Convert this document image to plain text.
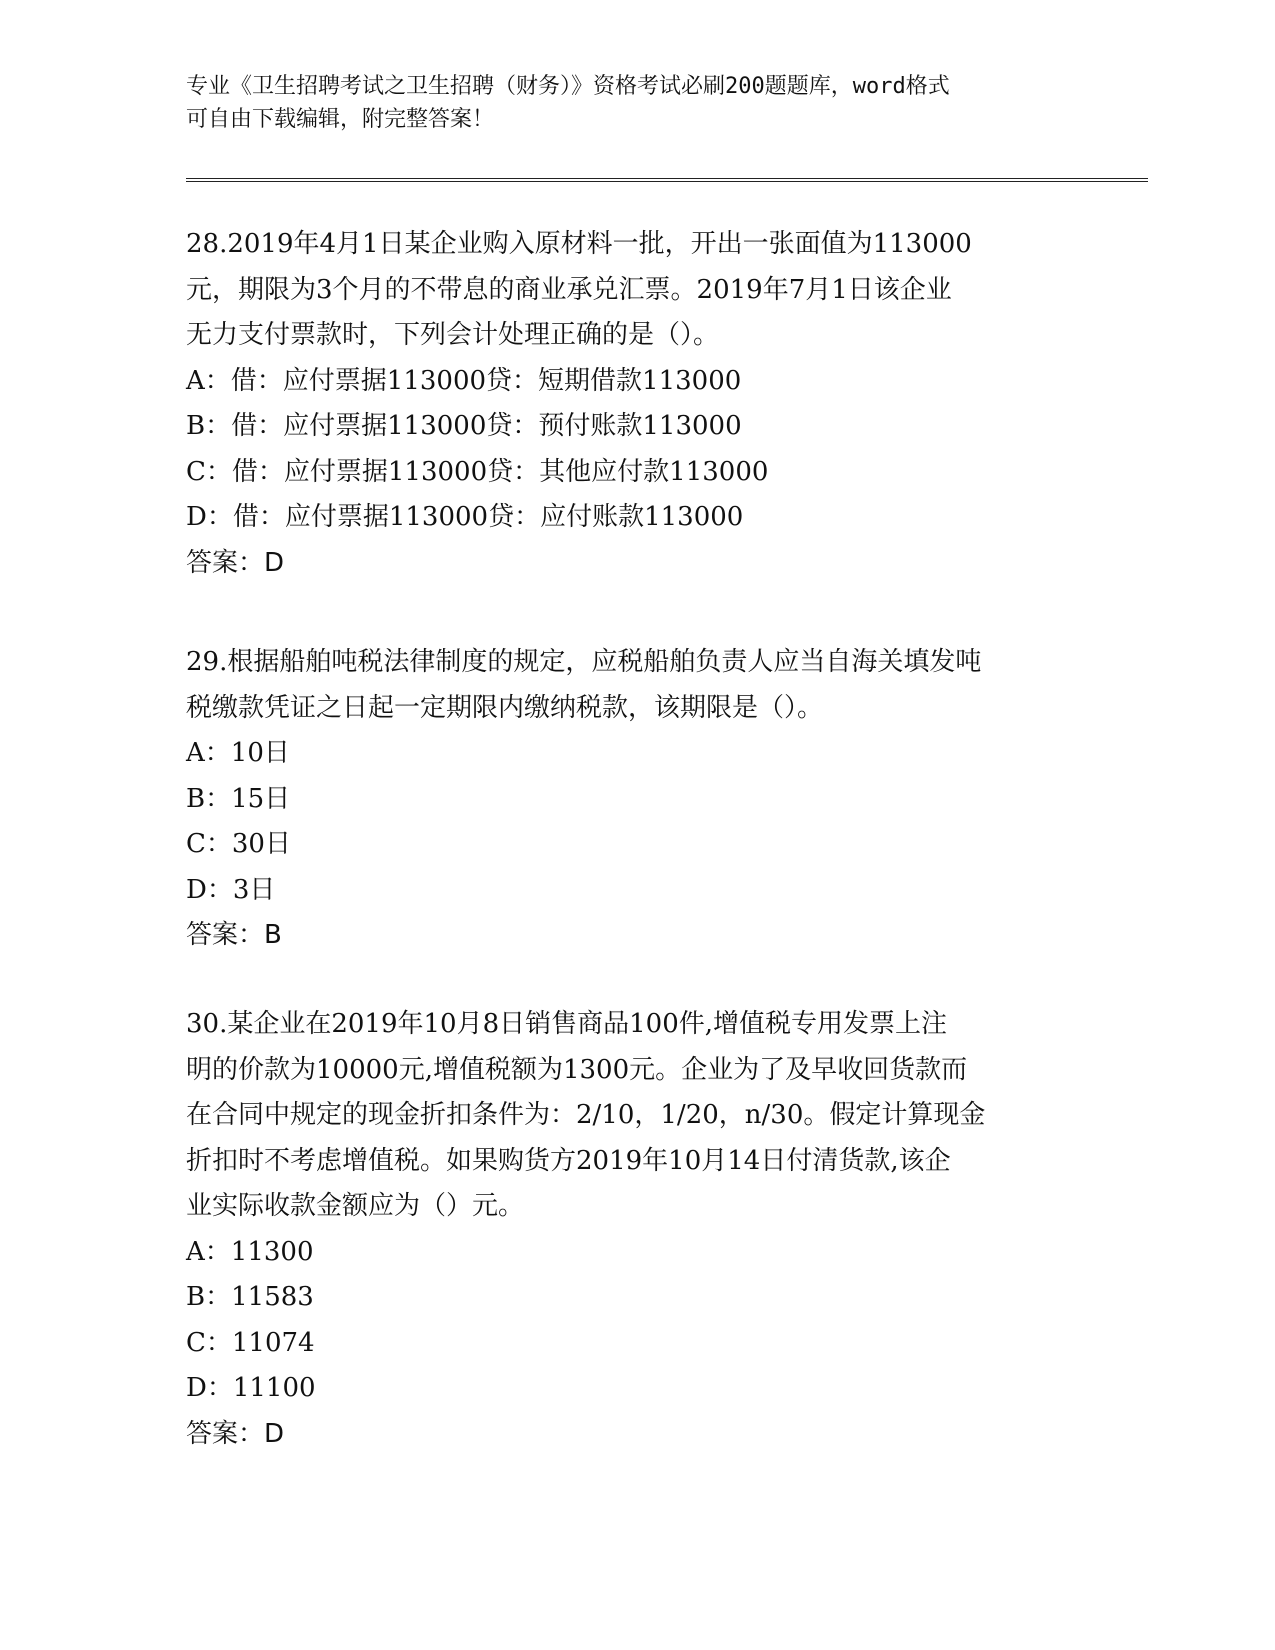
专业《卫生招聘考试之卫生招聘（财务）》资格考试必刷200题题库，word格式
可自由下载编辑，附完整答案！
28.2019年4月1日某企业购入原材料一批，开出一张面值为113000
元，期限为3个月的不带息的商业承兑汇票。2019年7月1日该企业
无力支付票款时，下列会计处理正确的是（）。
A：借：应付票据113000贷：短期借款113000
B：借：应付票据113000贷：预付账款113000
C：借：应付票据113000贷：其他应付款113000
D：借：应付票据113000贷：应付账款113000
答案：D
29.根据船舶吨税法律制度的规定，应税船舶负责人应当自海关填发吨
税缴款凭证之日起一定期限内缴纳税款，该期限是（）。
A：10日
B：15日
C：30日
D：3日
答案：B
30.某企业在2019年10月8日销售商品100件,增值税专用发票上注
明的价款为10000元,增值税额为1300元。企业为了及早收回货款而
在合同中规定的现金折扣条件为：2/10，1/20，n/30。假定计算现金
折扣时不考虑增值税。如果购货方2019年10月14日付清货款,该企
业实际收款金额应为（）元。
A：11300
B：11583
C：11074
D：11100
答案：D
